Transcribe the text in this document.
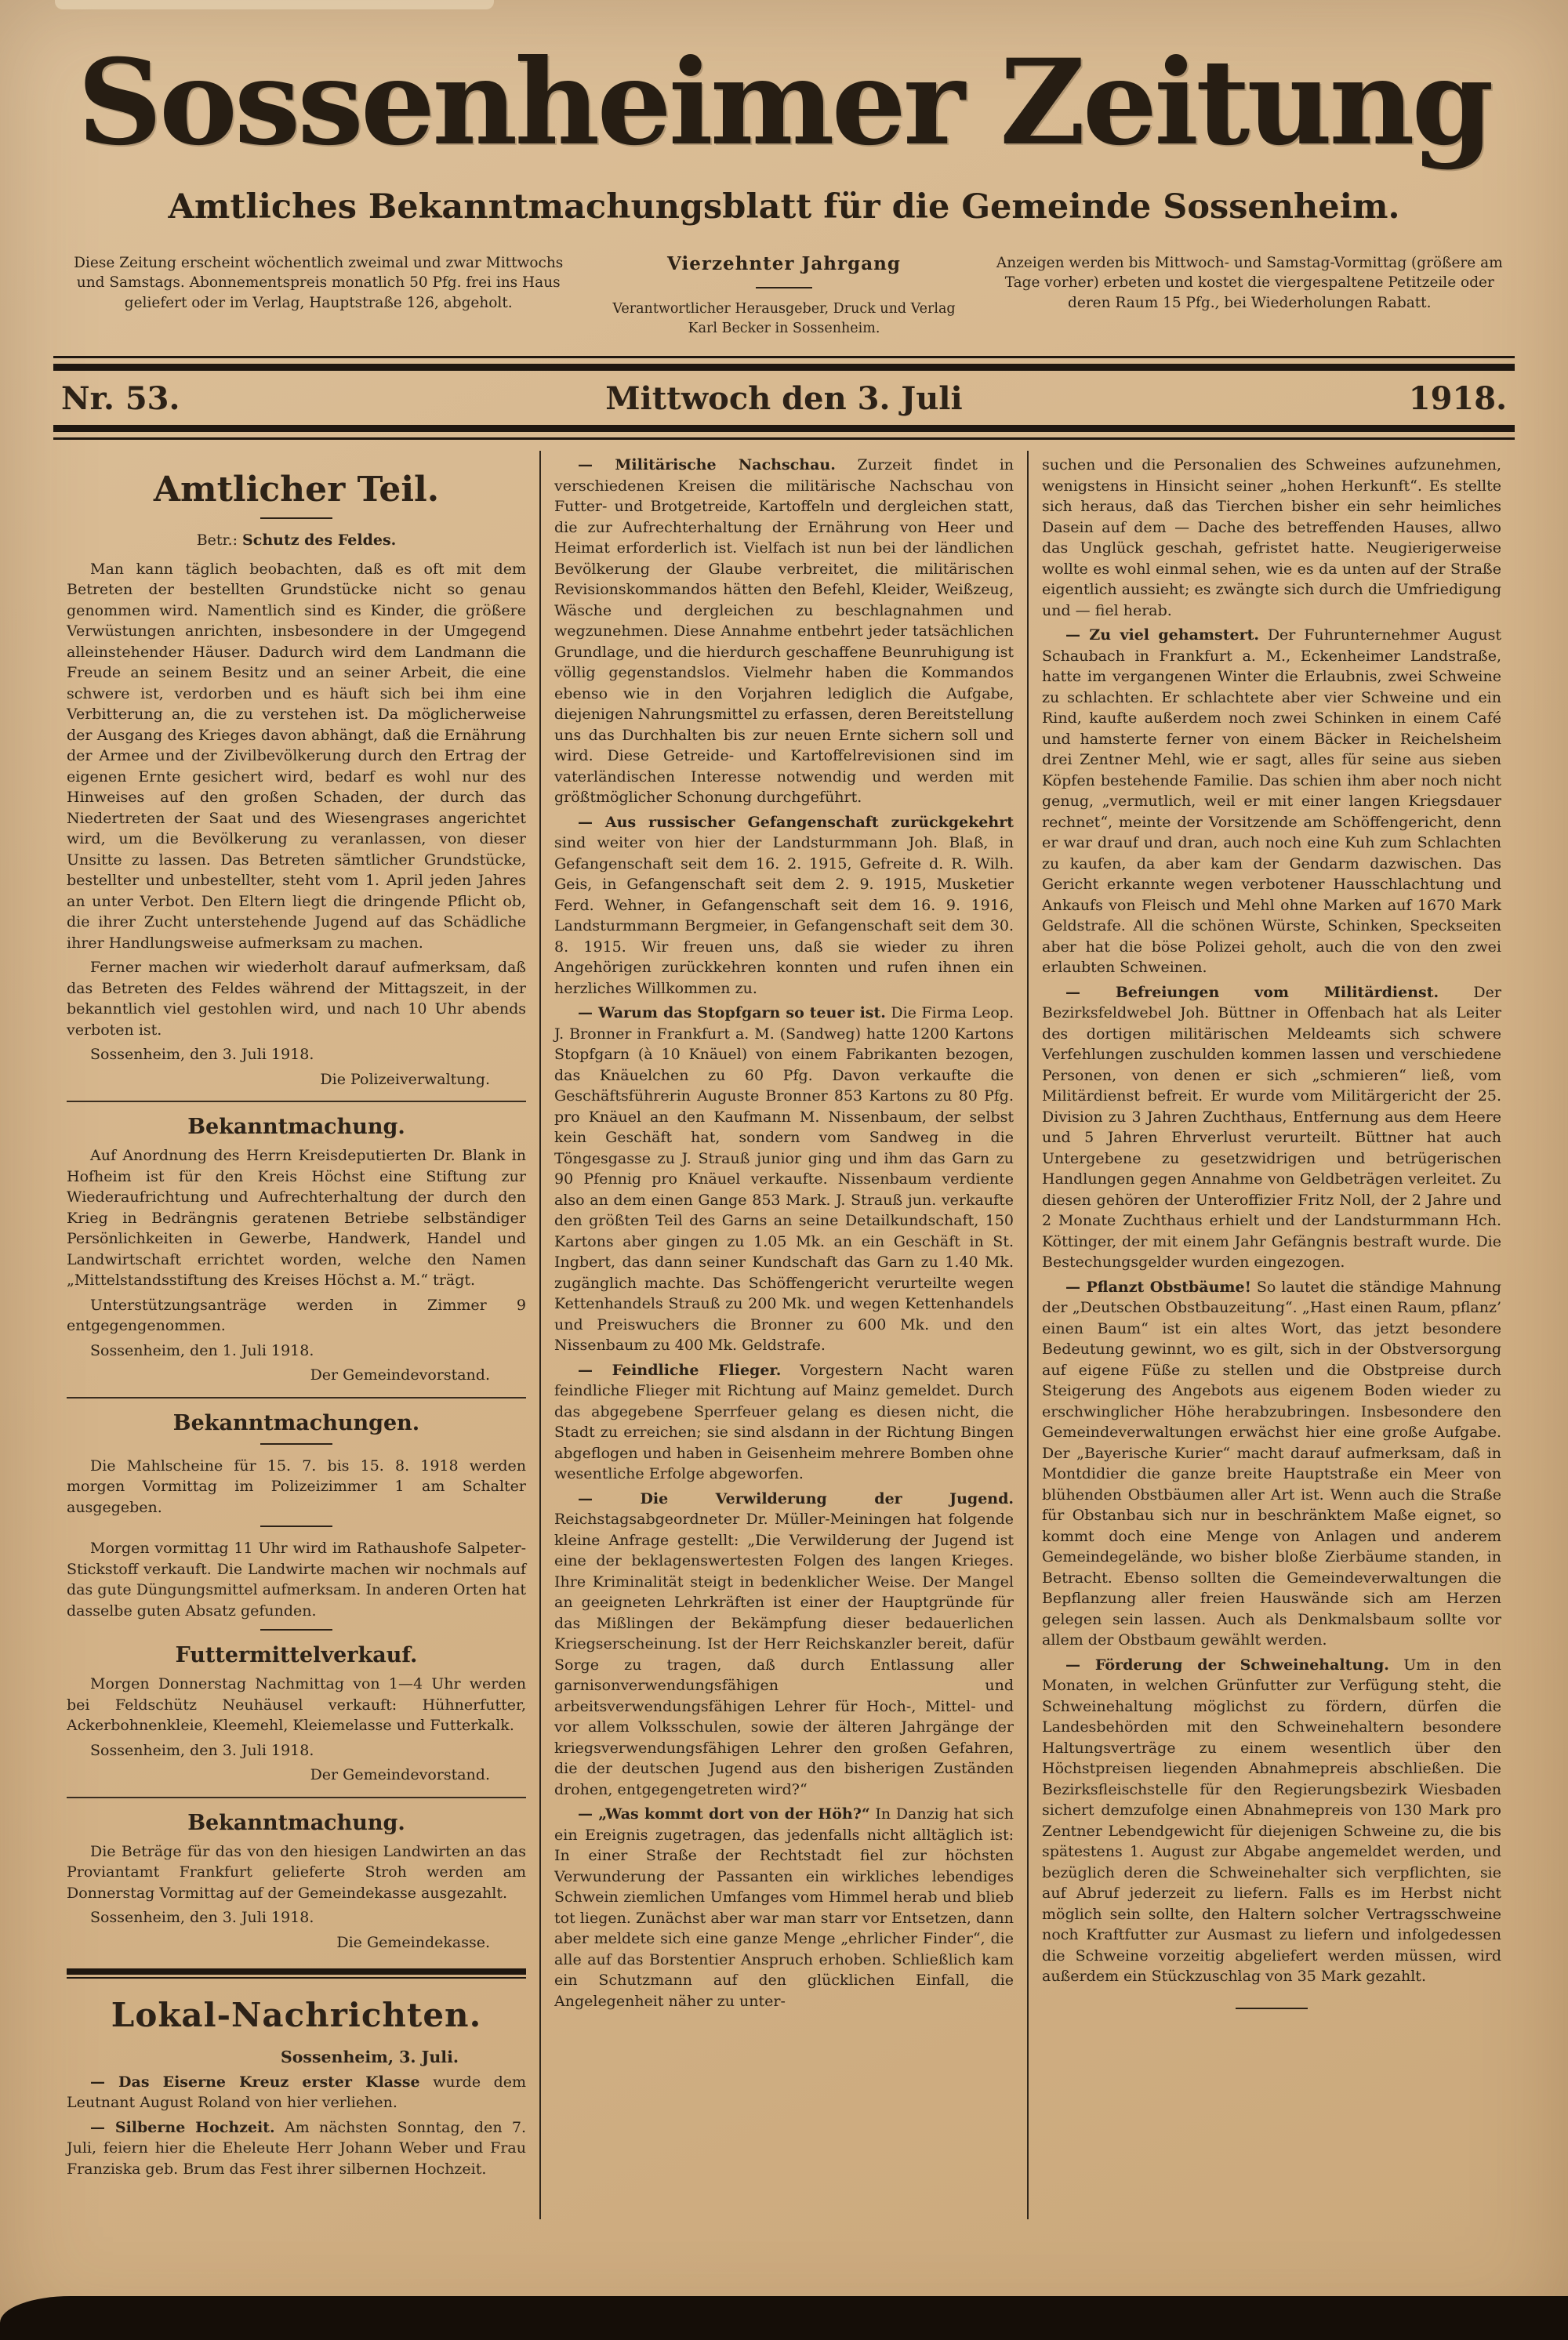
Sossenheimer Zeitung
Amtliches Bekanntmachungsblatt für die Gemeinde Sossenheim.
Diese Zeitung erscheint wöchentlich zweimal und zwar Mittwochs und Samstags. Abonnementspreis monatlich 50 Pfg. frei ins Haus geliefert oder im Verlag, Hauptstraße 126, abgeholt.
Vierzehnter Jahrgang
Verantwortlicher Herausgeber, Druck und Verlag
Karl Becker in Sossenheim.
Anzeigen werden bis Mittwoch- und Samstag-Vormittag (größere am Tage vorher) erbeten und kostet die viergespaltene Petitzeile oder deren Raum 15 Pfg., bei Wiederholungen Rabatt.
Nr. 53.	Mittwoch den 3. Juli	1918.
Amtlicher Teil.

Betr.: Schutz des Feldes.

Man kann täglich beobachten, daß es oft mit dem Betreten der bestellten Grundstücke nicht so genau genommen wird. Namentlich sind es Kinder, die größere Verwüstungen anrichten, insbesondere in der Umgegend alleinstehender Häuser. Dadurch wird dem Landmann die Freude an seinem Besitz und an seiner Arbeit, die eine schwere ist, verdorben und es häuft sich bei ihm eine Verbitterung an, die zu verstehen ist. Da möglicherweise der Ausgang des Krieges davon abhängt, daß die Ernährung der Armee und der Zivilbevölkerung durch den Ertrag der eigenen Ernte gesichert wird, bedarf es wohl nur des Hinweises auf den großen Schaden, der durch das Niedertreten der Saat und des Wiesengrases angerichtet wird, um die Bevölkerung zu veranlassen, von dieser Unsitte zu lassen. Das Betreten sämtlicher Grundstücke, bestellter und unbestellter, steht vom 1. April jeden Jahres an unter Verbot. Den Eltern liegt die dringende Pflicht ob, die ihrer Zucht unterstehende Jugend auf das Schädliche ihrer Handlungsweise aufmerksam zu machen.

Ferner machen wir wiederholt darauf aufmerksam, daß das Betreten des Feldes während der Mittagszeit, in der bekanntlich viel gestohlen wird, und nach 10 Uhr abends verboten ist.

Sossenheim, den 3. Juli 1918.

Die Polizeiverwaltung.

Bekanntmachung.

Auf Anordnung des Herrn Kreisdeputierten Dr. Blank in Hofheim ist für den Kreis Höchst eine Stiftung zur Wiederaufrichtung und Aufrechterhaltung der durch den Krieg in Bedrängnis geratenen Betriebe selbständiger Persönlichkeiten in Gewerbe, Handwerk, Handel und Landwirtschaft errichtet worden, welche den Namen „Mittelstandsstiftung des Kreises Höchst a. M.“ trägt.

Unterstützungsanträge werden in Zimmer 9 entgegengenommen.

Sossenheim, den 1. Juli 1918.

Der Gemeindevorstand.

Bekanntmachungen.

Die Mahlscheine für 15. 7. bis 15. 8. 1918 werden morgen Vormittag im Polizeizimmer 1 am Schalter ausgegeben.

Morgen vormittag 11 Uhr wird im Rathaushofe Salpeter-Stickstoff verkauft. Die Landwirte machen wir nochmals auf das gute Düngungsmittel aufmerksam. In anderen Orten hat dasselbe guten Absatz gefunden.

Futtermittelverkauf.

Morgen Donnerstag Nachmittag von 1—4 Uhr werden bei Feldschütz Neuhäusel verkauft: Hühnerfutter, Ackerbohnenkleie, Kleemehl, Kleiemelasse und Futterkalk.

Sossenheim, den 3. Juli 1918.

Der Gemeindevorstand.

Bekanntmachung.

Die Beträge für das von den hiesigen Landwirten an das Proviantamt Frankfurt gelieferte Stroh werden am Donnerstag Vormittag auf der Gemeindekasse ausgezahlt.

Sossenheim, den 3. Juli 1918.

Die Gemeindekasse.

Lokal-Nachrichten.

Sossenheim, 3. Juli.

— Das Eiserne Kreuz erster Klasse wurde dem Leutnant August Roland von hier verliehen.

— Silberne Hochzeit. Am nächsten Sonntag, den 7. Juli, feiern hier die Eheleute Herr Johann Weber und Frau Franziska geb. Brum das Fest ihrer silbernen Hochzeit.

— Militärische Nachschau. Zurzeit findet in verschiedenen Kreisen die militärische Nachschau von Futter- und Brotgetreide, Kartoffeln und dergleichen statt, die zur Aufrechterhaltung der Ernährung von Heer und Heimat erforderlich ist. Vielfach ist nun bei der ländlichen Bevölkerung der Glaube verbreitet, die militärischen Revisionskommandos hätten den Befehl, Kleider, Weißzeug, Wäsche und dergleichen zu beschlagnahmen und wegzunehmen. Diese Annahme entbehrt jeder tatsächlichen Grundlage, und die hierdurch geschaffene Beunruhigung ist völlig gegenstandslos. Vielmehr haben die Kommandos ebenso wie in den Vorjahren lediglich die Aufgabe, diejenigen Nahrungsmittel zu erfassen, deren Bereitstellung uns das Durchhalten bis zur neuen Ernte sichern soll und wird. Diese Getreide- und Kartoffelrevisionen sind im vaterländischen Interesse notwendig und werden mit größtmöglicher Schonung durchgeführt.

— Aus russischer Gefangenschaft zurückgekehrt sind weiter von hier der Landsturmmann Joh. Blaß, in Gefangenschaft seit dem 16. 2. 1915, Gefreite d. R. Wilh. Geis, in Gefangenschaft seit dem 2. 9. 1915, Musketier Ferd. Wehner, in Gefangenschaft seit dem 16. 9. 1916, Landsturmmann Bergmeier, in Gefangenschaft seit dem 30. 8. 1915. Wir freuen uns, daß sie wieder zu ihren Angehörigen zurückkehren konnten und rufen ihnen ein herzliches Willkommen zu.

— Warum das Stopfgarn so teuer ist. Die Firma Leop. J. Bronner in Frankfurt a. M. (Sandweg) hatte 1200 Kartons Stopfgarn (à 10 Knäuel) von einem Fabrikanten bezogen, das Knäuelchen zu 60 Pfg. Davon verkaufte die Geschäftsführerin Auguste Bronner 853 Kartons zu 80 Pfg. pro Knäuel an den Kaufmann M. Nissenbaum, der selbst kein Geschäft hat, sondern vom Sandweg in die Töngesgasse zu J. Strauß junior ging und ihm das Garn zu 90 Pfennig pro Knäuel verkaufte. Nissenbaum verdiente also an dem einen Gange 853 Mark. J. Strauß jun. verkaufte den größten Teil des Garns an seine Detailkundschaft, 150 Kartons aber gingen zu 1.05 Mk. an ein Geschäft in St. Ingbert, das dann seiner Kundschaft das Garn zu 1.40 Mk. zugänglich machte. Das Schöffengericht verurteilte wegen Kettenhandels Strauß zu 200 Mk. und wegen Kettenhandels und Preiswuchers die Bronner zu 600 Mk. und den Nissenbaum zu 400 Mk. Geldstrafe.

— Feindliche Flieger. Vorgestern Nacht waren feindliche Flieger mit Richtung auf Mainz gemeldet. Durch das abgegebene Sperrfeuer gelang es diesen nicht, die Stadt zu erreichen; sie sind alsdann in der Richtung Bingen abgeflogen und haben in Geisenheim mehrere Bomben ohne wesentliche Erfolge abgeworfen.

— Die Verwilderung der Jugend. Reichstagsabgeordneter Dr. Müller-Meiningen hat folgende kleine Anfrage gestellt: „Die Verwilderung der Jugend ist eine der beklagenswertesten Folgen des langen Krieges. Ihre Kriminalität steigt in bedenklicher Weise. Der Mangel an geeigneten Lehrkräften ist einer der Hauptgründe für das Mißlingen der Bekämpfung dieser bedauerlichen Kriegserscheinung. Ist der Herr Reichskanzler bereit, dafür Sorge zu tragen, daß durch Entlassung aller garnisonverwendungsfähigen und arbeitsverwendungsfähigen Lehrer für Hoch-, Mittel- und vor allem Volksschulen, sowie der älteren Jahrgänge der kriegsverwendungsfähigen Lehrer den großen Gefahren, die der deutschen Jugend aus den bisherigen Zuständen drohen, entgegengetreten wird?“

— „Was kommt dort von der Höh?“ In Danzig hat sich ein Ereignis zugetragen, das jedenfalls nicht alltäglich ist: In einer Straße der Rechtstadt fiel zur höchsten Verwunderung der Passanten ein wirkliches lebendiges Schwein ziemlichen Umfanges vom Himmel herab und blieb tot liegen. Zunächst aber war man starr vor Entsetzen, dann aber meldete sich eine ganze Menge „ehrlicher Finder“, die alle auf das Borstentier Anspruch erhoben. Schließlich kam ein Schutzmann auf den glücklichen Einfall, die Angelegenheit näher zu unter-

suchen und die Personalien des Schweines aufzunehmen, wenigstens in Hinsicht seiner „hohen Herkunft“. Es stellte sich heraus, daß das Tierchen bisher ein sehr heimliches Dasein auf dem — Dache des betreffenden Hauses, allwo das Unglück geschah, gefristet hatte. Neugierigerweise wollte es wohl einmal sehen, wie es da unten auf der Straße eigentlich aussieht; es zwängte sich durch die Umfriedigung und — fiel herab.

— Zu viel gehamstert. Der Fuhrunternehmer August Schaubach in Frankfurt a. M., Eckenheimer Landstraße, hatte im vergangenen Winter die Erlaubnis, zwei Schweine zu schlachten. Er schlachtete aber vier Schweine und ein Rind, kaufte außerdem noch zwei Schinken in einem Café und hamsterte ferner von einem Bäcker in Reichelsheim drei Zentner Mehl, wie er sagt, alles für seine aus sieben Köpfen bestehende Familie. Das schien ihm aber noch nicht genug, „vermutlich, weil er mit einer langen Kriegsdauer rechnet“, meinte der Vorsitzende am Schöffengericht, denn er war drauf und dran, auch noch eine Kuh zum Schlachten zu kaufen, da aber kam der Gendarm dazwischen. Das Gericht erkannte wegen verbotener Hausschlachtung und Ankaufs von Fleisch und Mehl ohne Marken auf 1670 Mark Geldstrafe. All die schönen Würste, Schinken, Speckseiten aber hat die böse Polizei geholt, auch die von den zwei erlaubten Schweinen.

— Befreiungen vom Militärdienst. Der Bezirksfeldwebel Joh. Büttner in Offenbach hat als Leiter des dortigen militärischen Meldeamts sich schwere Verfehlungen zuschulden kommen lassen und verschiedene Personen, von denen er sich „schmieren“ ließ, vom Militärdienst befreit. Er wurde vom Militärgericht der 25. Division zu 3 Jahren Zuchthaus, Entfernung aus dem Heere und 5 Jahren Ehrverlust verurteilt. Büttner hat auch Untergebene zu gesetzwidrigen und betrügerischen Handlungen gegen Annahme von Geldbeträgen verleitet. Zu diesen gehören der Unteroffizier Fritz Noll, der 2 Jahre und 2 Monate Zuchthaus erhielt und der Landsturmmann Hch. Köttinger, der mit einem Jahr Gefängnis bestraft wurde. Die Bestechungsgelder wurden eingezogen.

— Pflanzt Obstbäume! So lautet die ständige Mahnung der „Deutschen Obstbauzeitung“. „Hast einen Raum, pflanz’ einen Baum“ ist ein altes Wort, das jetzt besondere Bedeutung gewinnt, wo es gilt, sich in der Obstversorgung auf eigene Füße zu stellen und die Obstpreise durch Steigerung des Angebots aus eigenem Boden wieder zu erschwinglicher Höhe herabzubringen. Insbesondere den Gemeindeverwaltungen erwächst hier eine große Aufgabe. Der „Bayerische Kurier“ macht darauf aufmerksam, daß in Montdidier die ganze breite Hauptstraße ein Meer von blühenden Obstbäumen aller Art ist. Wenn auch die Straße für Obstanbau sich nur in beschränktem Maße eignet, so kommt doch eine Menge von Anlagen und anderem Gemeindegelände, wo bisher bloße Zierbäume standen, in Betracht. Ebenso sollten die Gemeindeverwaltungen die Bepflanzung aller freien Hauswände sich am Herzen gelegen sein lassen. Auch als Denkmalsbaum sollte vor allem der Obstbaum gewählt werden.

— Förderung der Schweinehaltung. Um in den Monaten, in welchen Grünfutter zur Verfügung steht, die Schweinehaltung möglichst zu fördern, dürfen die Landesbehörden mit den Schweinehaltern besondere Haltungsverträge zu einem wesentlich über den Höchstpreisen liegenden Abnahmepreis abschließen. Die Bezirksfleischstelle für den Regierungsbezirk Wiesbaden sichert demzufolge einen Abnahmepreis von 130 Mark pro Zentner Lebendgewicht für diejenigen Schweine zu, die bis spätestens 1. August zur Abgabe angemeldet werden, und bezüglich deren die Schweinehalter sich verpflichten, sie auf Abruf jederzeit zu liefern. Falls es im Herbst nicht möglich sein sollte, den Haltern solcher Vertragsschweine noch Kraftfutter zur Ausmast zu liefern und infolgedessen die Schweine vorzeitig abgeliefert werden müssen, wird außerdem ein Stückzuschlag von 35 Mark gezahlt.
